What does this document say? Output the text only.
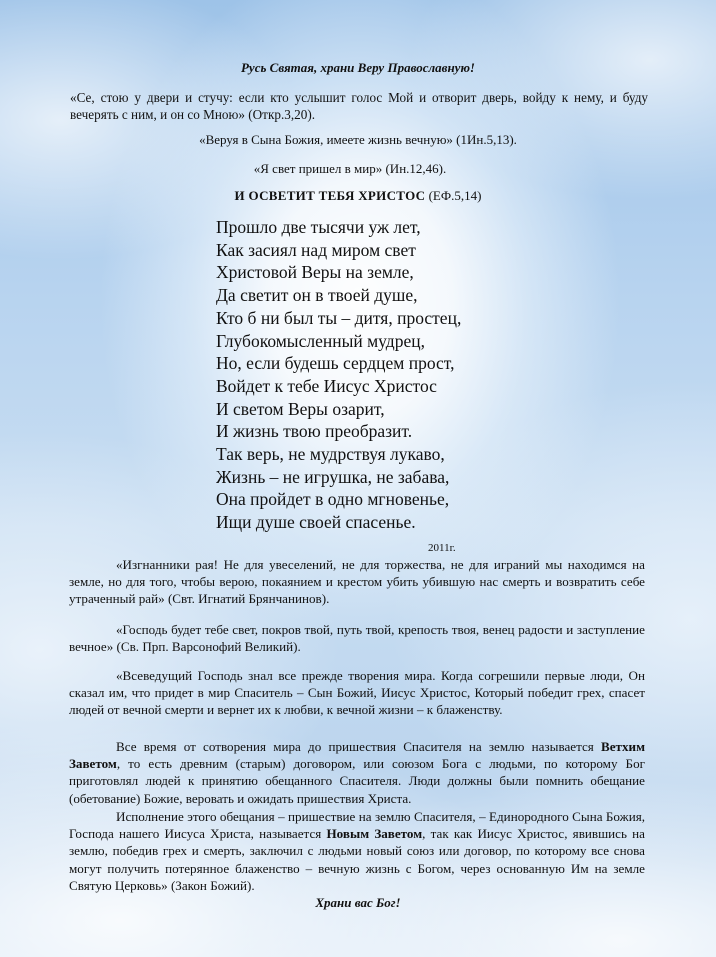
Русь Святая, храни Веру Православную!

«Се, стою у двери и стучу: если кто услышит голос Мой и отворит дверь, войду к нему, и буду вечерять с ним, и он со Мною» (Откр.3,20).

«Веруя в Сына Божия, имеете жизнь вечную» (1Ин.5,13).

«Я свет пришел в мир» (Ин.12,46).

И ОСВЕТИТ ТЕБЯ ХРИСТОС (ЕФ.5,14)

Прошло две тысячи уж лет,
Как засиял над миром свет
Христовой Веры на земле,
Да светит он в твоей душе,
Кто б ни был ты – дитя, простец,
Глубокомысленный мудрец,
Но, если будешь сердцем прост,
Войдет к тебе Иисус Христос
И светом Веры озарит,
И жизнь твою преобразит.
Так верь, не мудрствуя лукаво,
Жизнь – не игрушка, не забава,
Она пройдет в одно мгновенье,
Ищи душе своей спасенье.

2011г.

«Изгнанники рая! Не для увеселений, не для торжества, не для играний мы находимся на земле, но для того, чтобы верою, покаянием и крестом убить убившую нас смерть и возвратить себе утраченный рай» (Свт. Игнатий Брянчанинов).

«Господь будет тебе свет, покров твой, путь твой, крепость твоя, венец радости и заступление вечное» (Св. Прп. Варсонофий Великий).

«Всеведущий Господь знал все прежде творения мира. Когда согрешили первые люди, Он сказал им, что придет в мир Спаситель – Сын Божий, Иисус Христос, Который победит грех, спасет людей от вечной смерти и вернет их к любви, к вечной жизни – к блаженству.

Все время от сотворения мира до пришествия Спасителя на землю называется Ветхим Заветом, то есть древним (старым) договором, или союзом Бога с людьми, по которому Бог приготовлял людей к принятию обещанного Спасителя. Люди должны были помнить обещание (обетование) Божие, веровать и ожидать пришествия Христа.

Исполнение этого обещания – пришествие на землю Спасителя, – Единородного Сына Божия, Господа нашего Иисуса Христа, называется Новым Заветом, так как Иисус Христос, явившись на землю, победив грех и смерть, заключил с людьми новый союз или договор, по которому все снова могут получить потерянное блаженство – вечную жизнь с Богом, через основанную Им на земле Святую Церковь» (Закон Божий).

Храни вас Бог!
